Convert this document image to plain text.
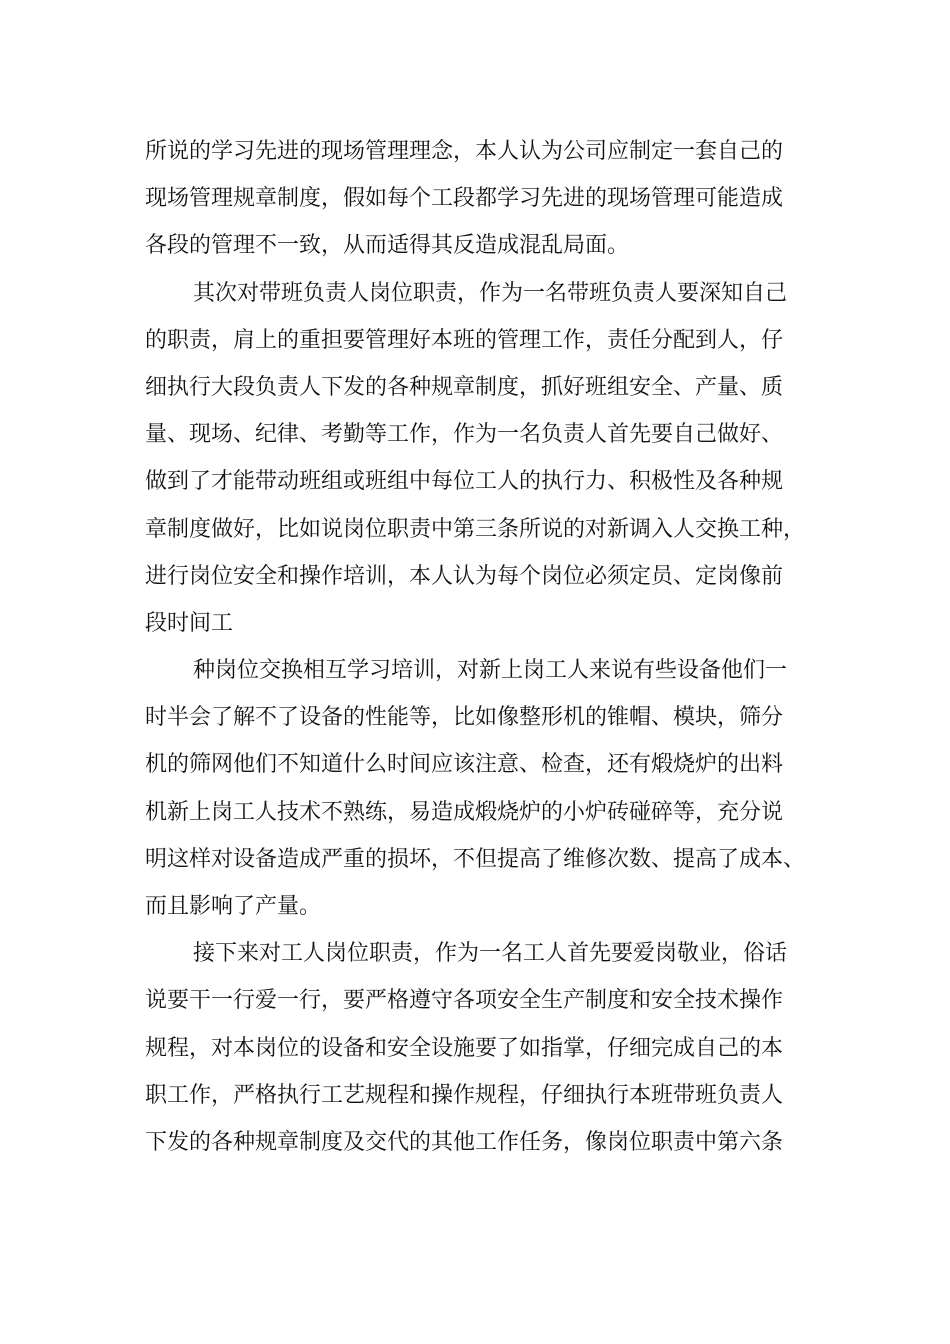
所说的学习先进的现场管理理念，本人认为公司应制定一套自己的
现场管理规章制度，假如每个工段都学习先进的现场管理可能造成
各段的管理不一致，从而适得其反造成混乱局面。
其次对带班负责人岗位职责，作为一名带班负责人要深知自己
的职责，肩上的重担要管理好本班的管理工作，责任分配到人，仔
细执行大段负责人下发的各种规章制度，抓好班组安全、产量、质
量、现场、纪律、考勤等工作，作为一名负责人首先要自己做好、
做到了才能带动班组或班组中每位工人的执行力、积极性及各种规
章制度做好，比如说岗位职责中第三条所说的对新调入人交换工种，
进行岗位安全和操作培训，本人认为每个岗位必须定员、定岗像前
段时间工
种岗位交换相互学习培训，对新上岗工人来说有些设备他们一
时半会了解不了设备的性能等，比如像整形机的锥帽、模块，筛分
机的筛网他们不知道什么时间应该注意、检查，还有煅烧炉的出料
机新上岗工人技术不熟练，易造成煅烧炉的小炉砖碰碎等，充分说
明这样对设备造成严重的损坏，不但提高了维修次数、提高了成本、
而且影响了产量。
接下来对工人岗位职责，作为一名工人首先要爱岗敬业，俗话
说要干一行爱一行，要严格遵守各项安全生产制度和安全技术操作
规程，对本岗位的设备和安全设施要了如指掌，仔细完成自己的本
职工作，严格执行工艺规程和操作规程，仔细执行本班带班负责人
下发的各种规章制度及交代的其他工作任务，像岗位职责中第六条
